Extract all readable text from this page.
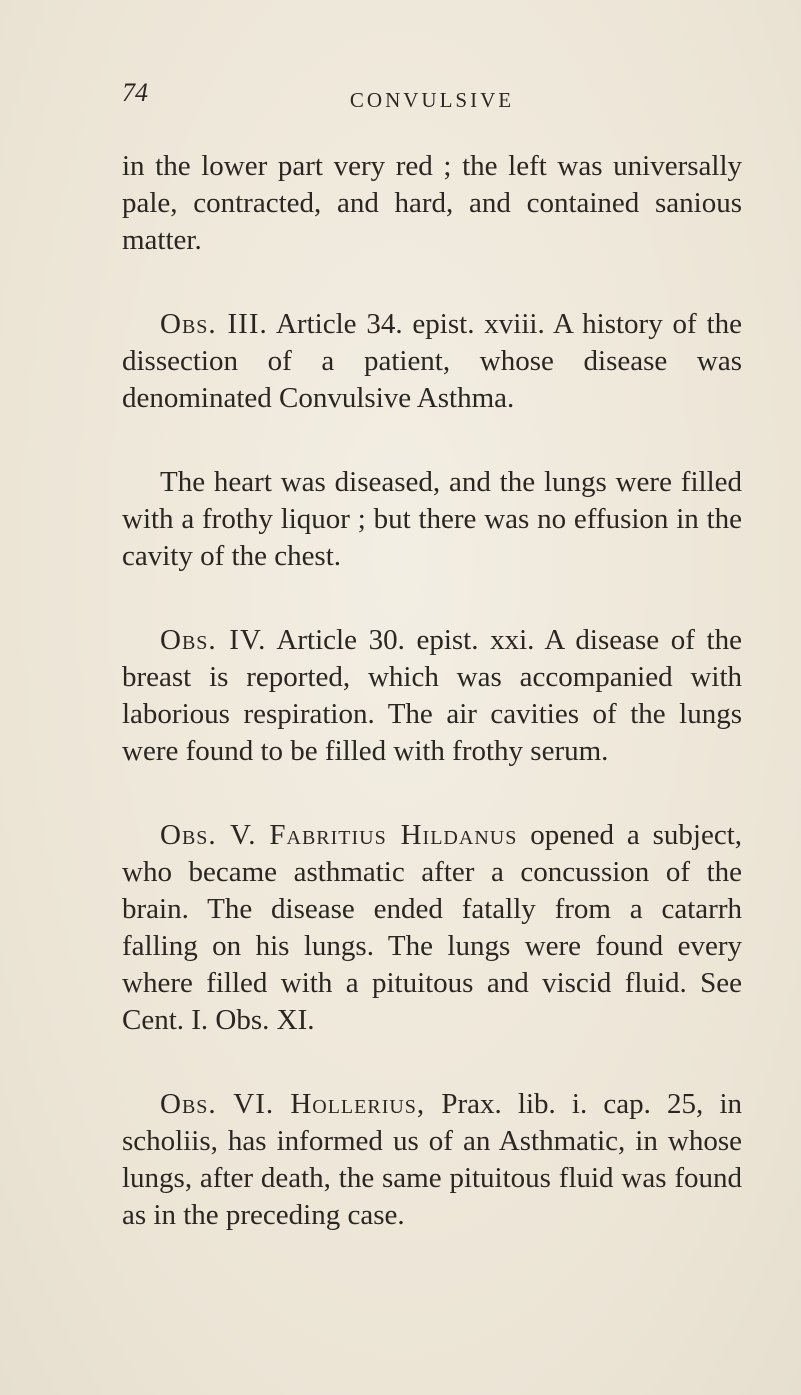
74	CONVULSIVE

in the lower part very red ; the left was universally pale, contracted, and hard, and contained sanious matter.

Obs. III. Article 34. epist. xviii. A history of the dissection of a patient, whose disease was denominated Convulsive Asthma.

The heart was diseased, and the lungs were filled with a frothy liquor ; but there was no effusion in the cavity of the chest.

Obs. IV. Article 30. epist. xxi. A disease of the breast is reported, which was accompanied with laborious respiration. The air cavities of the lungs were found to be filled with frothy serum.

Obs. V. Fabritius Hildanus opened a subject, who became asthmatic after a concussion of the brain. The disease ended fatally from a catarrh falling on his lungs. The lungs were found every where filled with a pituitous and viscid fluid. See Cent. I. Obs. XI.

Obs. VI. Hollerius, Prax. lib. i. cap. 25, in scholiis, has informed us of an Asthmatic, in whose lungs, after death, the same pituitous fluid was found as in the preceding case.
